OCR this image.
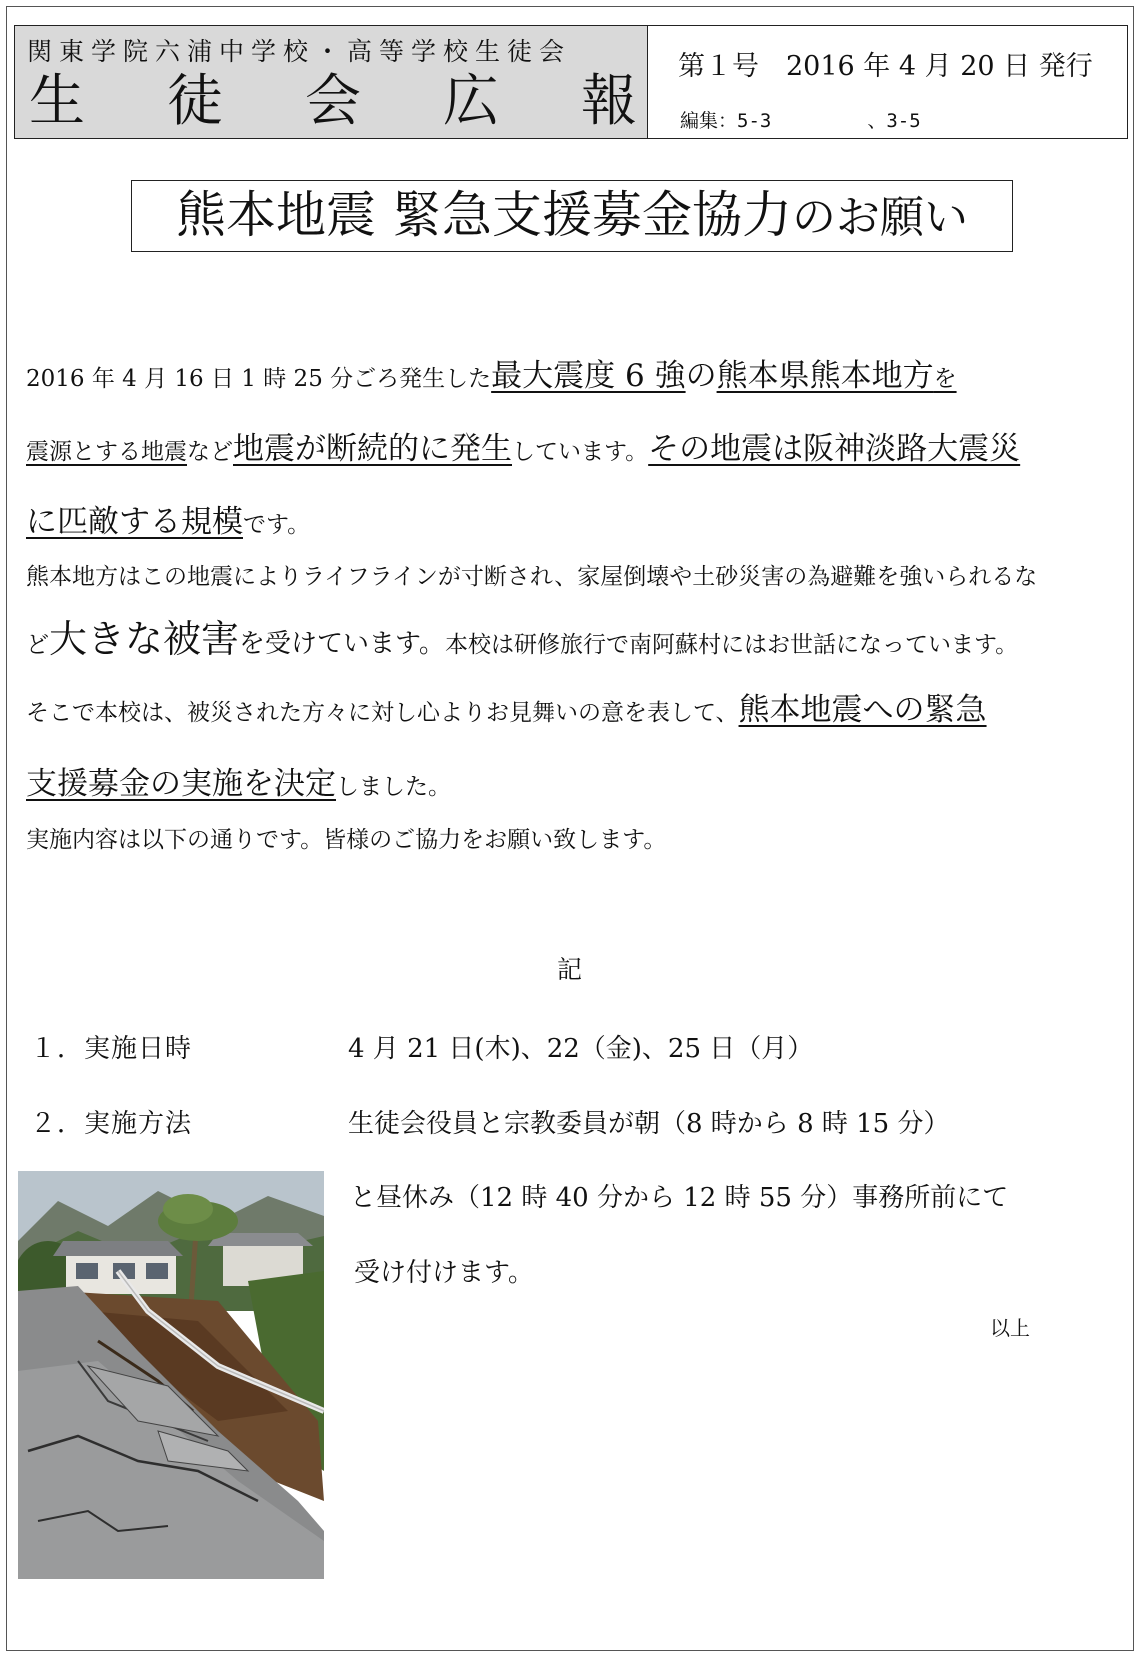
関東学院六浦中学校・高等学校生徒会
生 徒 会 広 報
第１号　2016 年 4 月 20 日 発行
編集：5-3	、3-5
熊本地震 緊急支援募金協力のお願い
2016 年 4 月 16 日 1 時 25 分ごろ発生した最大震度 6 強の熊本県熊本地方を
震源とする地震など地震が断続的に発生しています。その地震は阪神淡路大震災
に匹敵する規模です。
熊本地方はこの地震によりライフラインが寸断され、家屋倒壊や土砂災害の為避難を強いられるな
ど大きな被害を受けています。本校は研修旅行で南阿蘇村にはお世話になっています。
そこで本校は、被災された方々に対し心よりお見舞いの意を表して、熊本地震への緊急
支援募金の実施を決定しました。
実施内容は以下の通りです。皆様のご協力をお願い致します。
記
１．実施日時	4 月 21 日(木)、22（金)、25 日（月）
２．実施方法	生徒会役員と宗教委員が朝（8 時から 8 時 15 分）
と昼休み（12 時 40 分から 12 時 55 分）事務所前にて
受け付けます。
以上
